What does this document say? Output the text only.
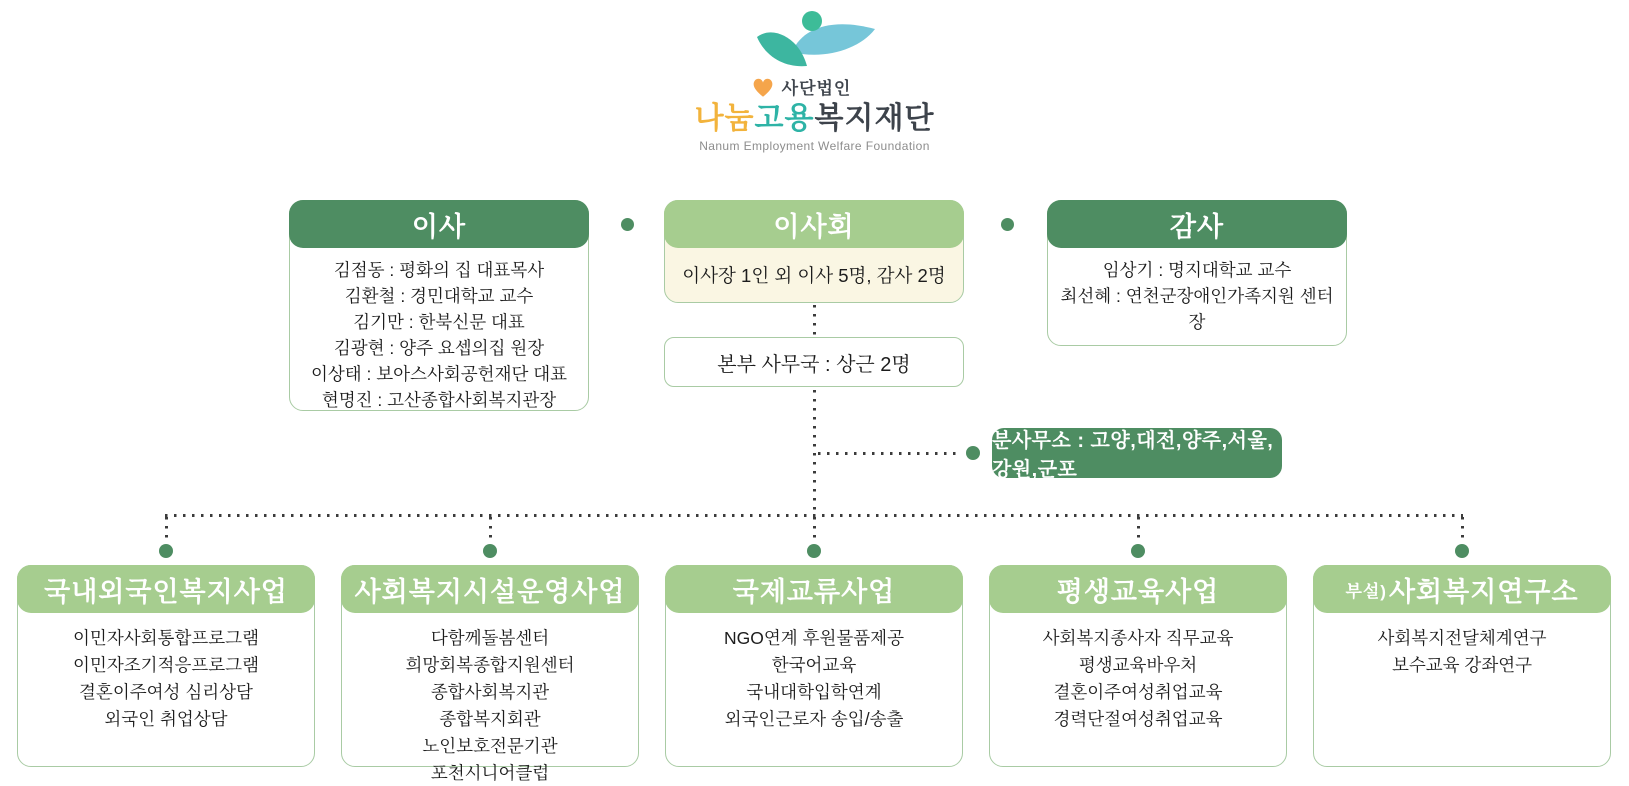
사단법인
나눔고용복지재단
Nanum Employment Welfare Foundation
이사
김점동 : 평화의 집 대표목사
김환철 : 경민대학교 교수
김기만 : 한북신문 대표
김광현 : 양주 요셉의집 원장
이상태 : 보아스사회공헌재단 대표
현명진 : 고산종합사회복지관장
이사회
이사장 1인 외 이사 5명, 감사 2명
감사
임상기 : 명지대학교 교수
최선혜 : 연천군장애인가족지원 센터장
본부 사무국 : 상근 2명
분사무소 : 고양,대전,양주,서울,강원,군포
국내외국인복지사업
이민자사회통합프로그램
이민자조기적응프로그램
결혼이주여성 심리상담
외국인 취업상담
사회복지시설운영사업
다함께돌봄센터
희망회복종합지원센터
종합사회복지관
종합복지회관
노인보호전문기관
포천시니어클럽
국제교류사업
NGO연계 후원물품제공
한국어교육
국내대학입학연계
외국인근로자 송입/송출
평생교육사업
사회복지종사자 직무교육
평생교육바우처
결혼이주여성취업교육
경력단절여성취업교육
부설) 사회복지연구소
사회복지전달체계연구
보수교육 강좌연구
